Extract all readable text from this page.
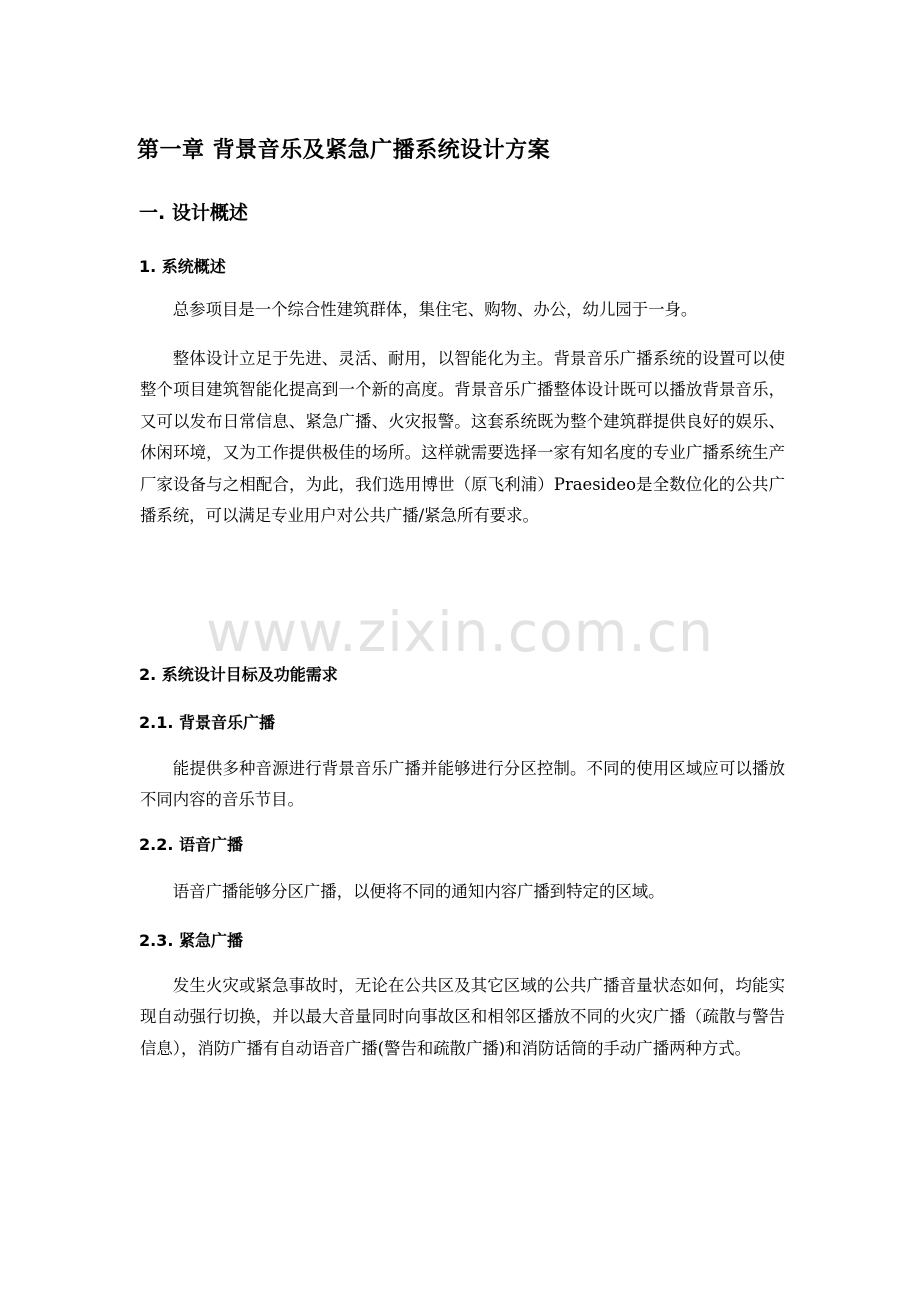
第一章 背景音乐及紧急广播系统设计方案
一. 设计概述
1. 系统概述

总参项目是一个综合性建筑群体，集住宅、购物、办公，幼儿园于一身。

整体设计立足于先进、灵活、耐用，以智能化为主。背景音乐广播系统的设置可以使整个项目建筑智能化提高到一个新的高度。背景音乐广播整体设计既可以播放背景音乐，又可以发布日常信息、紧急广播、火灾报警。这套系统既为整个建筑群提供良好的娱乐、休闲环境，又为工作提供极佳的场所。这样就需要选择一家有知名度的专业广播系统生产厂家设备与之相配合，为此，我们选用博世（原飞利浦）Praesideo是全数位化的公共广播系统，可以满足专业用户对公共广播/紧急所有要求。

www.zixin.com.cn
2. 系统设计目标及功能需求
2.1. 背景音乐广播

能提供多种音源进行背景音乐广播并能够进行分区控制。不同的使用区域应可以播放不同内容的音乐节目。

2.2. 语音广播

语音广播能够分区广播，以便将不同的通知内容广播到特定的区域。

2.3. 紧急广播

发生火灾或紧急事故时，无论在公共区及其它区域的公共广播音量状态如何，均能实现自动强行切换，并以最大音量同时向事故区和相邻区播放不同的火灾广播（疏散与警告信息），消防广播有自动语音广播(警告和疏散广播)和消防话筒的手动广播两种方式。
